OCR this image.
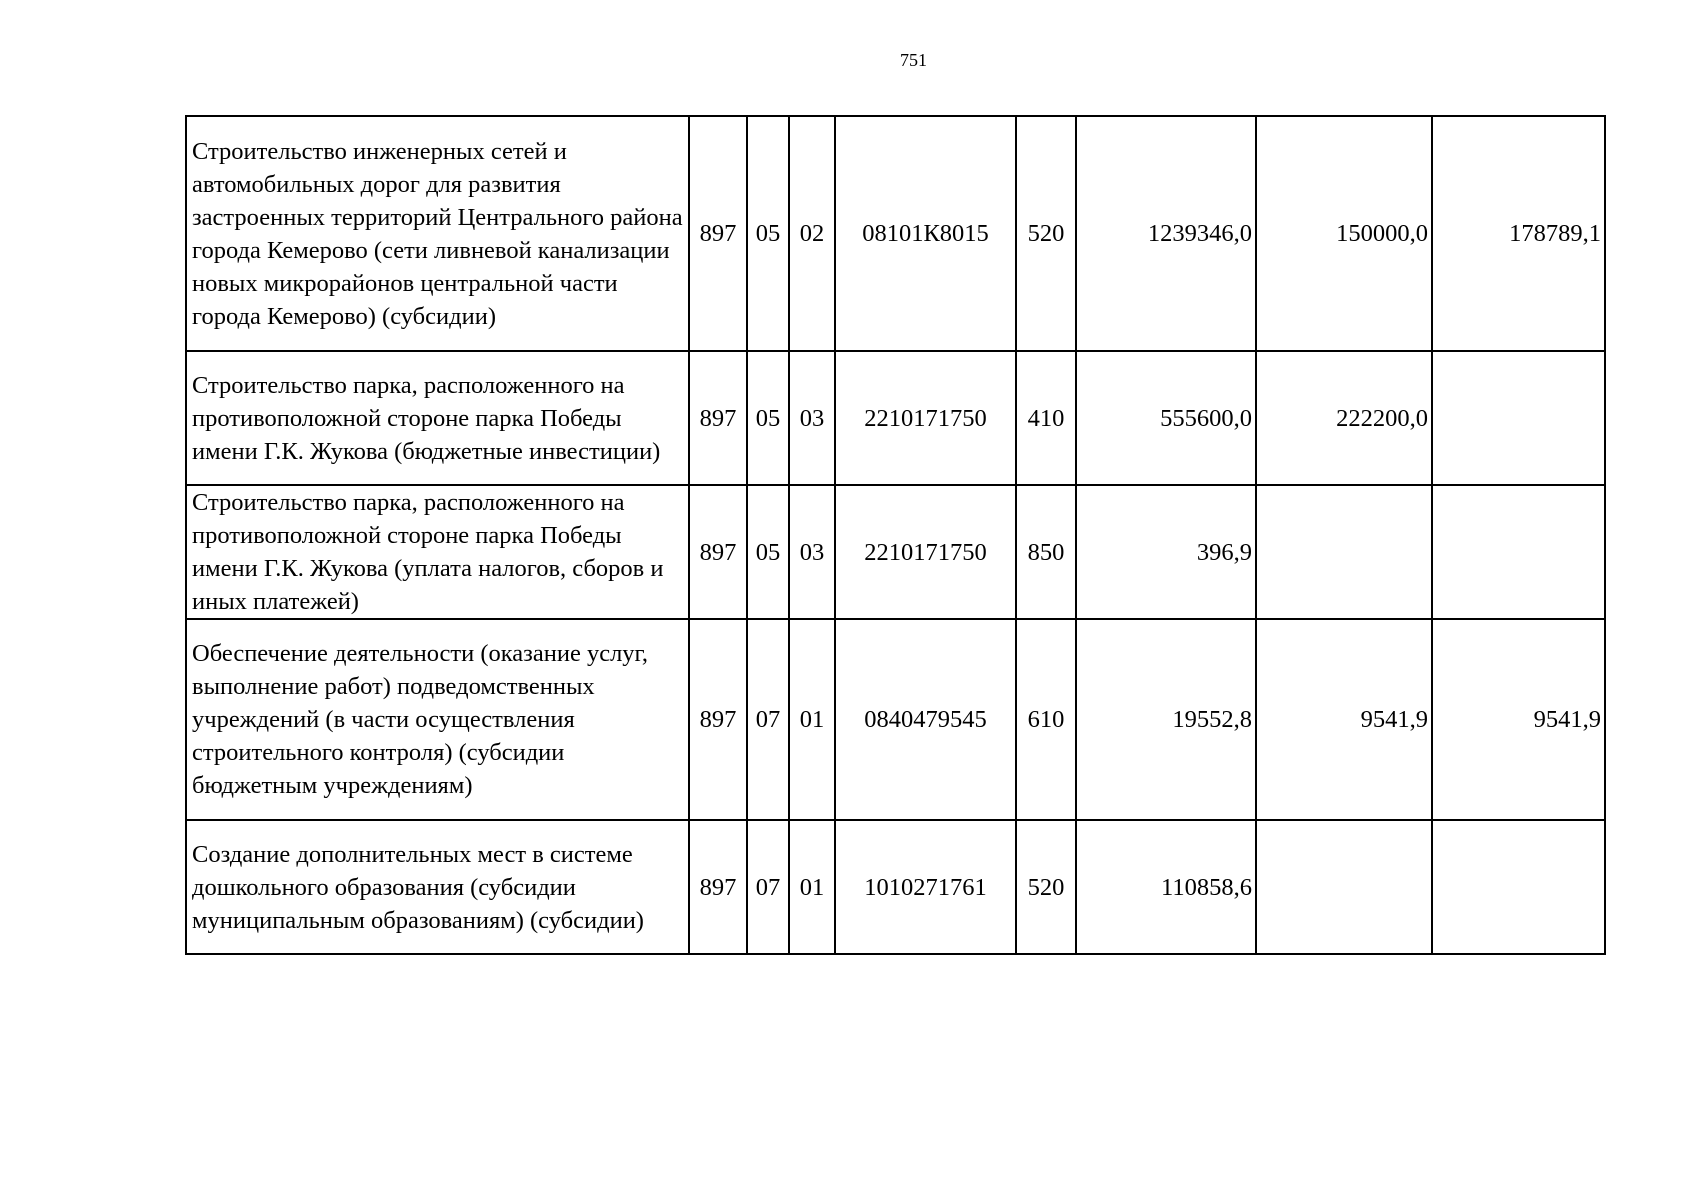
751
Строительство инженерных сетей и автомобильных дорог для развития застроенных территорий Центрального района города Кемерово (сети ливневой канализации новых микрорайонов центральной части города Кемерово) (субсидии)	897	05	02	08101К8015	520	1239346,0	150000,0	178789,1
Строительство парка, расположенного на противоположной стороне парка Победы имени Г.К. Жукова (бюджетные инвестиции)	897	05	03	2210171750	410	555600,0	222200,0	
Строительство парка, расположенного на противоположной стороне парка Победы имени Г.К. Жукова (уплата налогов, сборов и иных платежей)	897	05	03	2210171750	850	396,9		
Обеспечение деятельности (оказание услуг, выполнение работ) подведомственных учреждений (в части осуществления строительного контроля) (субсидии бюджетным учреждениям)	897	07	01	0840479545	610	19552,8	9541,9	9541,9
Создание дополнительных мест в системе дошкольного образования (субсидии муниципальным образованиям) (субсидии)	897	07	01	1010271761	520	110858,6		
